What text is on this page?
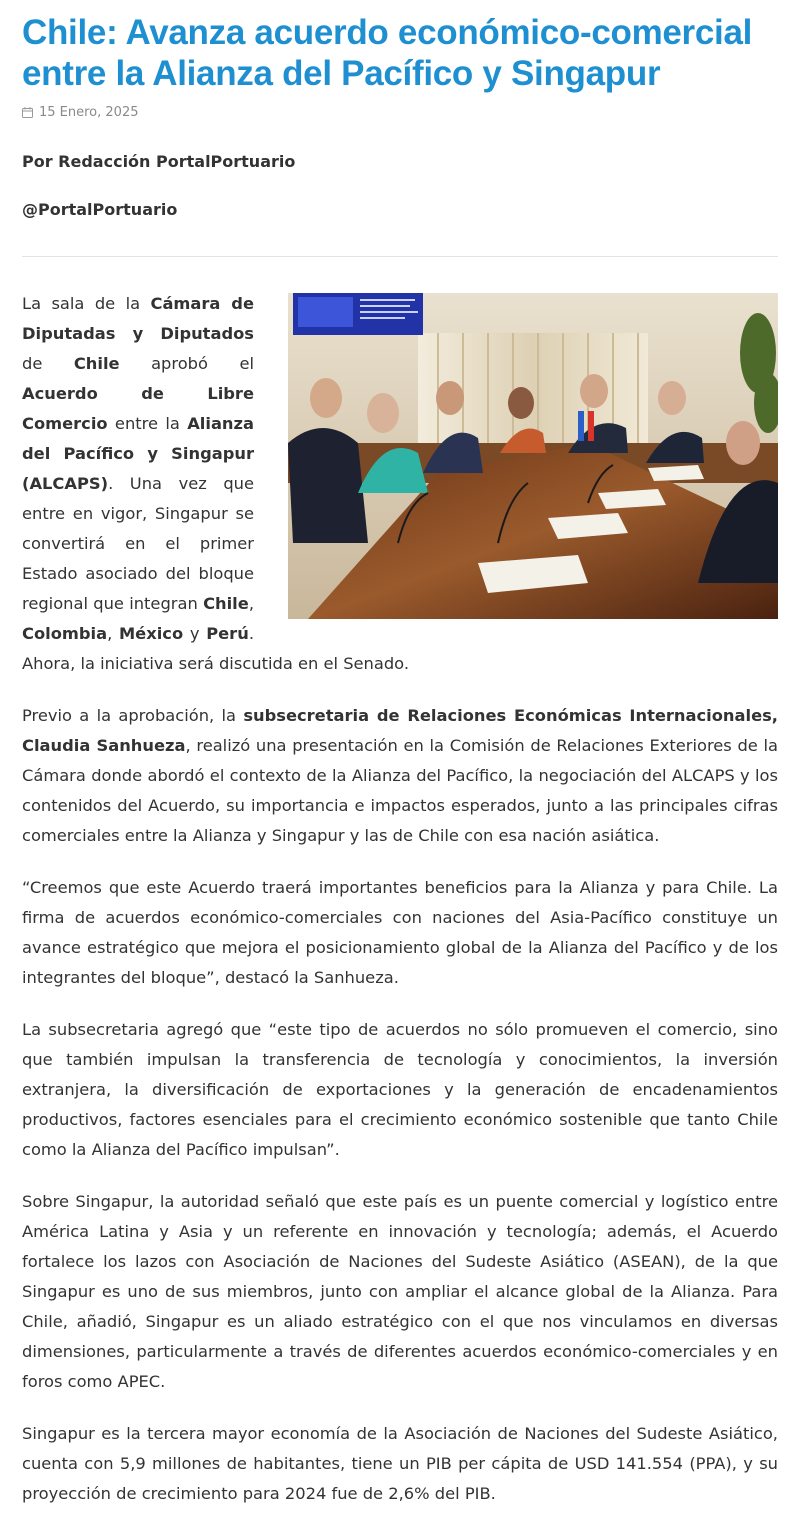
Chile: Avanza acuerdo económico-comercial entre la Alianza del Pacífico y Singapur
15 Enero, 2025
Por Redacción PortalPortuario
@PortalPortuario

La sala de la Cámara de Diputadas y Diputados de Chile aprobó el Acuerdo de Libre Comercio entre la Alianza del Pacífico y Singapur (ALCAPS). Una vez que entre en vigor, Singapur se convertirá en el primer Estado asociado del bloque regional que integran Chile, Colombia, México y Perú. Ahora, la iniciativa será discutida en el Senado.

Previo a la aprobación, la subsecretaria de Relaciones Económicas Internacionales, Claudia Sanhueza, realizó una presentación en la Comisión de Relaciones Exteriores de la Cámara donde abordó el contexto de la Alianza del Pacífico, la negociación del ALCAPS y los contenidos del Acuerdo, su importancia e impactos esperados, junto a las principales cifras comerciales entre la Alianza y Singapur y las de Chile con esa nación asiática.

“Creemos que este Acuerdo traerá importantes beneficios para la Alianza y para Chile. La firma de acuerdos económico-comerciales con naciones del Asia-Pacífico constituye un avance estratégico que mejora el posicionamiento global de la Alianza del Pacífico y de los integrantes del bloque”, destacó la Sanhueza.

La subsecretaria agregó que “este tipo de acuerdos no sólo promueven el comercio, sino que también impulsan la transferencia de tecnología y conocimientos, la inversión extranjera, la diversificación de exportaciones y la generación de encadenamientos productivos, factores esenciales para el crecimiento económico sostenible que tanto Chile como la Alianza del Pacífico impulsan”.

Sobre Singapur, la autoridad señaló que este país es un puente comercial y logístico entre América Latina y Asia y un referente en innovación y tecnología; además, el Acuerdo fortalece los lazos con Asociación de Naciones del Sudeste Asiático (ASEAN), de la que Singapur es uno de sus miembros, junto con ampliar el alcance global de la Alianza. Para Chile, añadió, Singapur es un aliado estratégico con el que nos vinculamos en diversas dimensiones, particularmente a través de diferentes acuerdos económico-comerciales y en foros como APEC.

Singapur es la tercera mayor economía de la Asociación de Naciones del Sudeste Asiático, cuenta con 5,9 millones de habitantes, tiene un PIB per cápita de USD 141.554 (PPA), y su proyección de crecimiento para 2024 fue de 2,6% del PIB.
